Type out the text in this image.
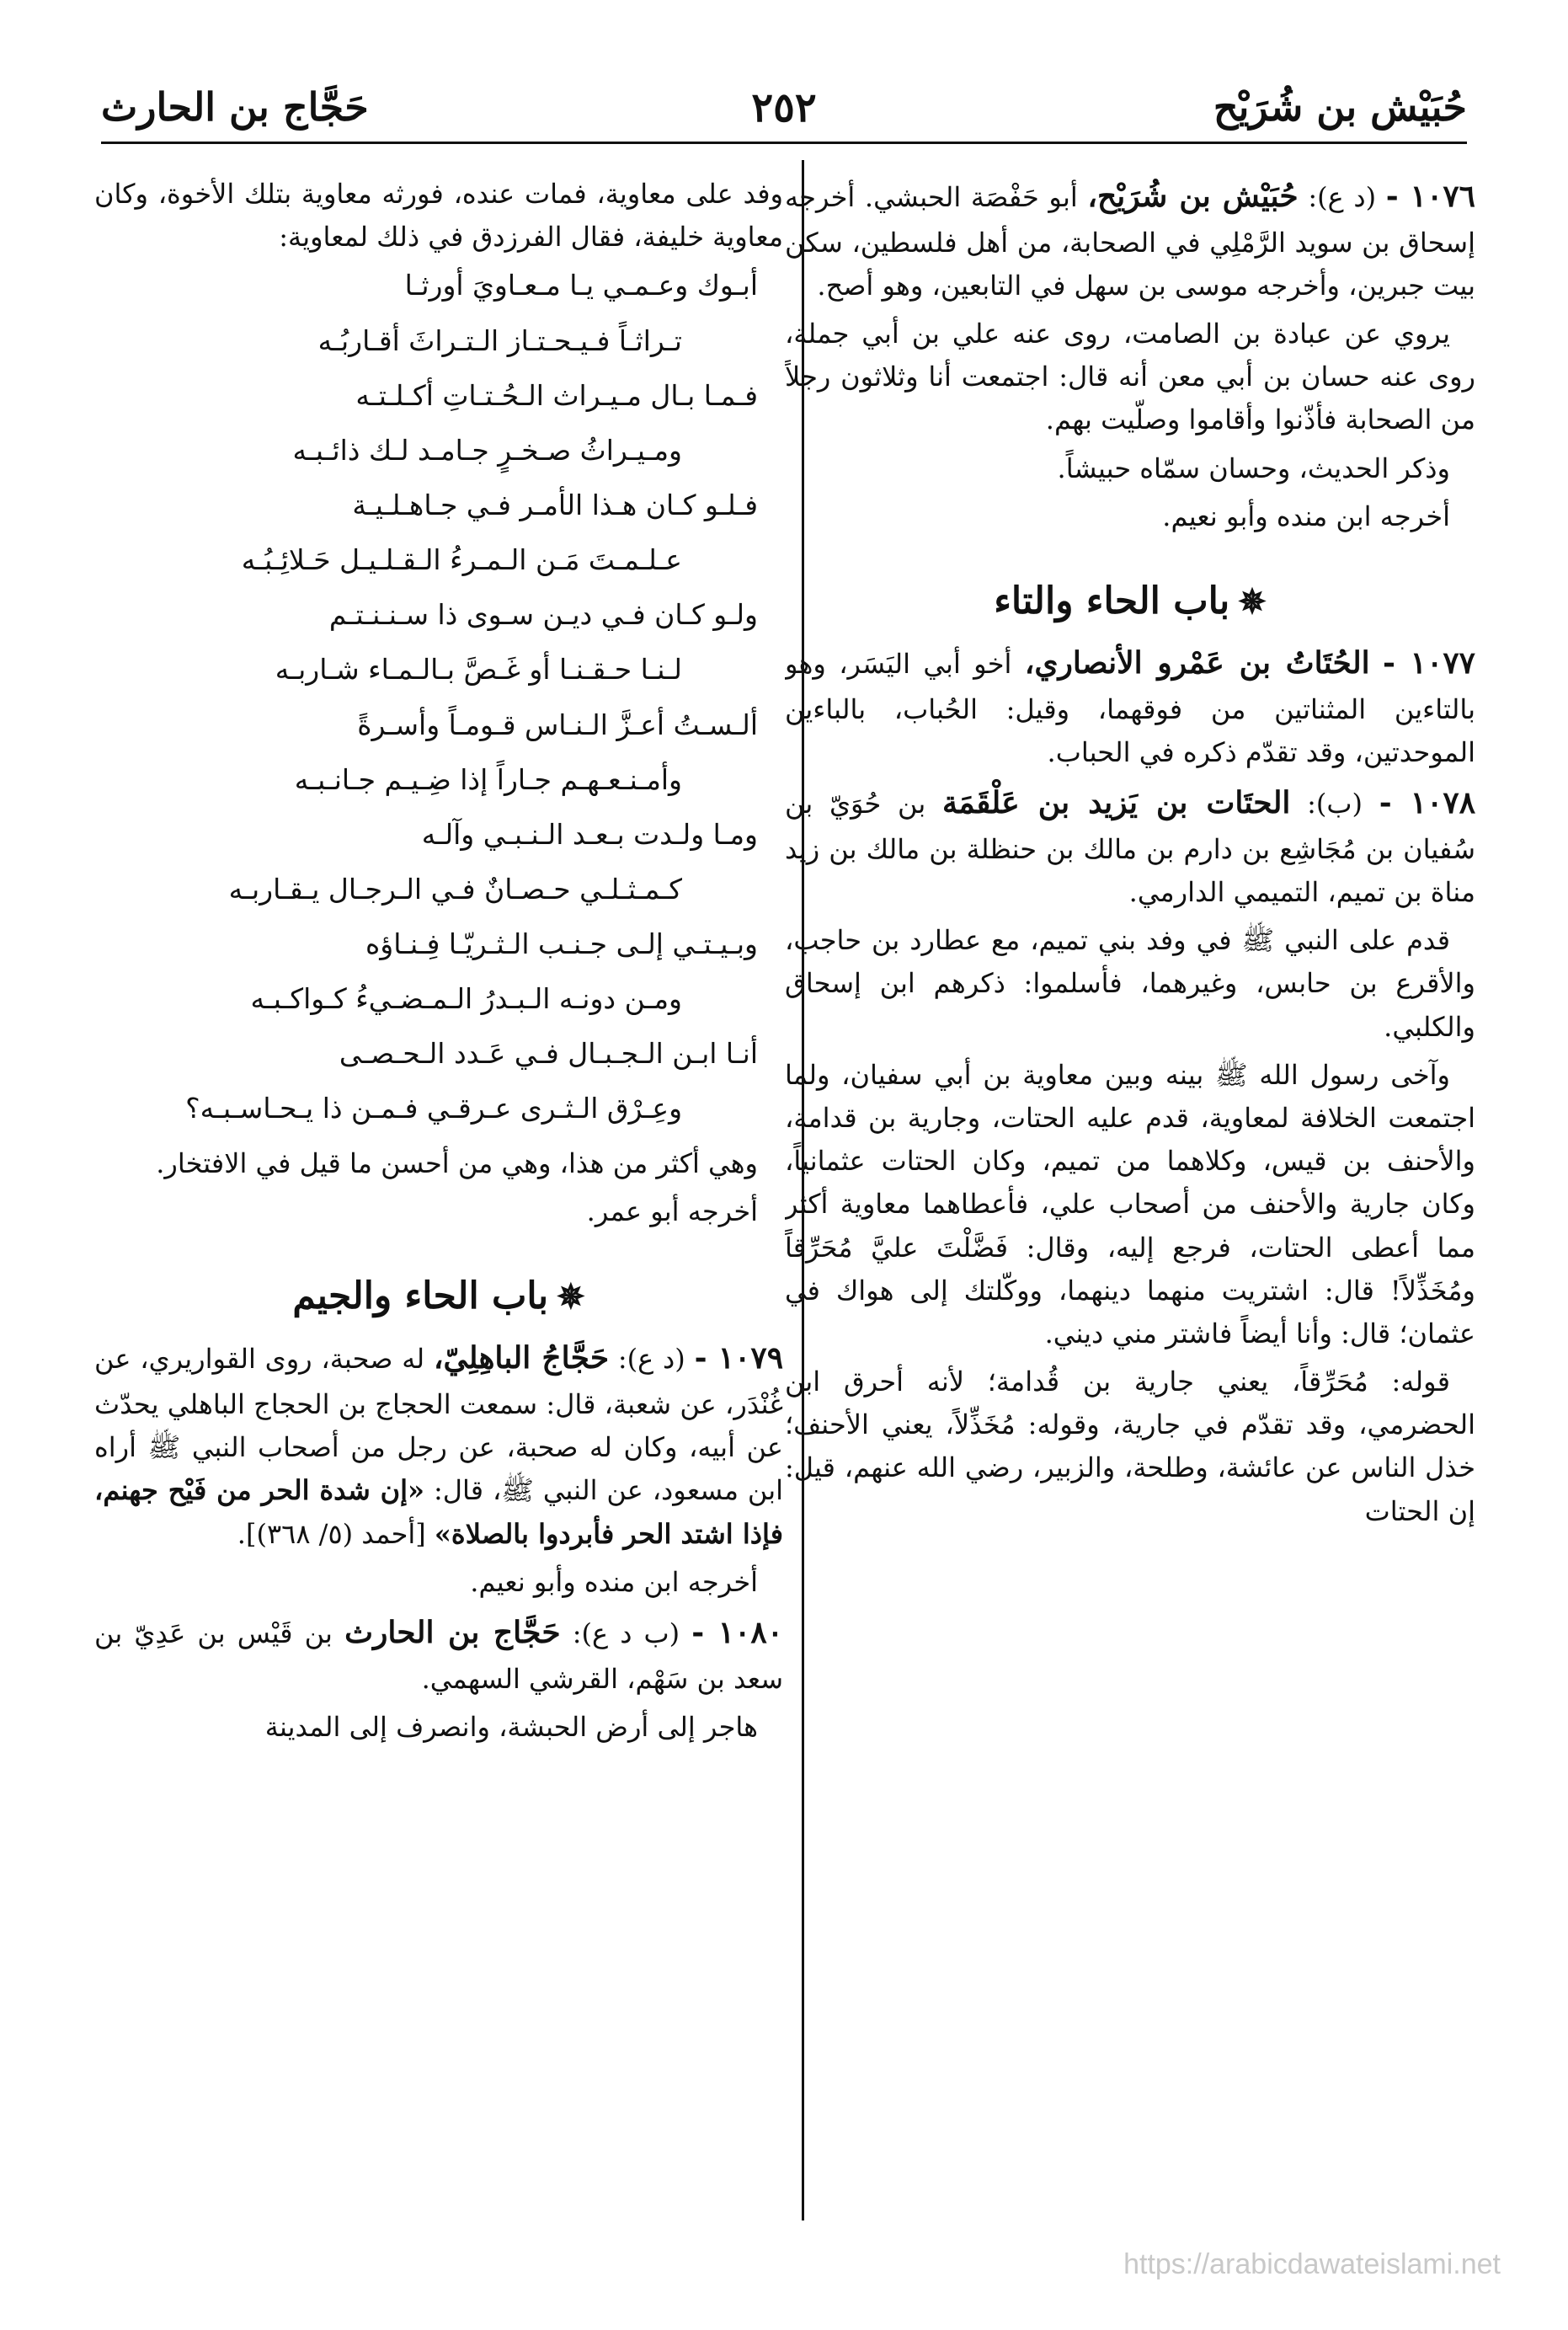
حُبَيْش بن شُرَيْح
٢٥٢
حَجَّاج بن الحارث

١٠٧٦ - (د ع): حُبَيْش بن شُرَيْح، أبو حَفْصَة الحبشي. أخرجه إسحاق بن سويد الرَّمْلِي في الصحابة، من أهل فلسطين، سكن بيت جبرين، وأخرجه موسى بن سهل في التابعين، وهو أصح.

يروي عن عبادة بن الصامت، روى عنه علي بن أبي جملة، روى عنه حسان بن أبي معن أنه قال: اجتمعت أنا وثلاثون رجلاً من الصحابة فأذّنوا وأقاموا وصلّيت بهم.

وذكر الحديث، وحسان سمّاه حبيشاً.

أخرجه ابن منده وأبو نعيم.

✵باب الحاء والتاء

١٠٧٧ - الحُتَاتُ بن عَمْرو الأنصاري، أخو أبي اليَسَر، وهو بالتاءين المثناتين من فوقهما، وقيل: الحُباب، بالباءين الموحدتين، وقد تقدّم ذكره في الحباب.

١٠٧٨ - (ب): الحتَات بن يَزيد بن عَلْقَمَة بن حُوَيّ بن سُفيان بن مُجَاشِع بن دارم بن مالك بن حنظلة بن مالك بن زيد مناة بن تميم، التميمي الدارمي.

قدم على النبي ﷺ في وفد بني تميم، مع عطارد بن حاجب، والأقرع بن حابس، وغيرهما، فأسلموا: ذكرهم ابن إسحاق والكلبي.

وآخى رسول الله ﷺ بينه وبين معاوية بن أبي سفيان، ولما اجتمعت الخلافة لمعاوية، قدم عليه الحتات، وجارية بن قدامة، والأحنف بن قيس، وكلاهما من تميم، وكان الحتات عثمانياً، وكان جارية والأحنف من أصحاب علي، فأعطاهما معاوية أكثر مما أعطى الحتات، فرجع إليه، وقال: فَضَّلْتَ عليَّ مُحَرِّقاً ومُخَذِّلاً! قال: اشتريت منهما دينهما، ووكّلتك إلى هواك في عثمان؛ قال: وأنا أيضاً فاشتر مني ديني.

قوله: مُحَرِّقاً، يعني جارية بن قُدامة؛ لأنه أحرق ابن الحضرمي، وقد تقدّم في جارية، وقوله: مُخَذِّلاً، يعني الأحنف؛ خذل الناس عن عائشة، وطلحة، والزبير، رضي الله عنهم، قيل: إن الحتات

وفد على معاوية، فمات عنده، فورثه معاوية بتلك الأخوة، وكان معاوية خليفة، فقال الفرزدق في ذلك لمعاوية:

أبـوك وعـمـي يـا مـعـاويَ أورثـا

تـراثـاً فـيـحـتـاز الـتـراثَ أقـاربُـه

فـمـا بـال مـيـراث الـحُـتـاتِ أكـلـتـه

ومـيـراثُ صـخـرٍ جـامـد لـك ذائـبـه

فـلـو كـان هـذا الأمـر فـي جـاهـلـيـة

عـلـمـتَ مَـن الـمـرءُ الـقـلـيـل حَـلائِـبُـه

ولـو كـان فـي ديـن سـوى ذا سـنـنـتـم

لـنـا حـقـنـا أو غَـصَّ بـالـمـاء شـاربـه

ألـسـتُ أعـزَّ الـنـاس قـومـاً وأسـرةً

وأمـنـعـهـم جـاراً إذا ضِـيـم جـانـبـه

ومـا ولـدت بـعـد الـنـبـي وآلـه

كـمـثـلـي حـصـانٌ فـي الـرجـال يـقـاربـه

وبـيـتـي إلـى جـنـب الـثـريّـا فِـنـاؤه

ومـن دونـه الـبـدرُ الـمـضـيءُ كـواكـبـه

أنـا ابـن الـجـبـال فـي عَـدد الـحـصـى

وعِـرْق الـثـرى عـرقـي فـمـن ذا يـحـاسـبـه؟

وهي أكثر من هذا، وهي من أحسن ما قيل في الافتخار.

أخرجه أبو عمر.

✵باب الحاء والجيم

١٠٧٩ - (د ع): حَجَّاجُ الباهِلِيّ، له صحبة، روى القواريري، عن غُنْدَر، عن شعبة، قال: سمعت الحجاج بن الحجاج الباهلي يحدّث عن أبيه، وكان له صحبة، عن رجل من أصحاب النبي ﷺ أراه ابن مسعود، عن النبي ﷺ، قال: «إن شدة الحر من فَيْح جهنم، فإذا اشتد الحر فأبردوا بالصلاة» [أحمد (٥/ ٣٦٨)].

أخرجه ابن منده وأبو نعيم.

١٠٨٠ - (ب د ع): حَجَّاج بن الحارث بن قَيْس بن عَدِيّ بن سعد بن سَهْم، القرشي السهمي.

هاجر إلى أرض الحبشة، وانصرف إلى المدينة

https://arabicdawateislami.net
